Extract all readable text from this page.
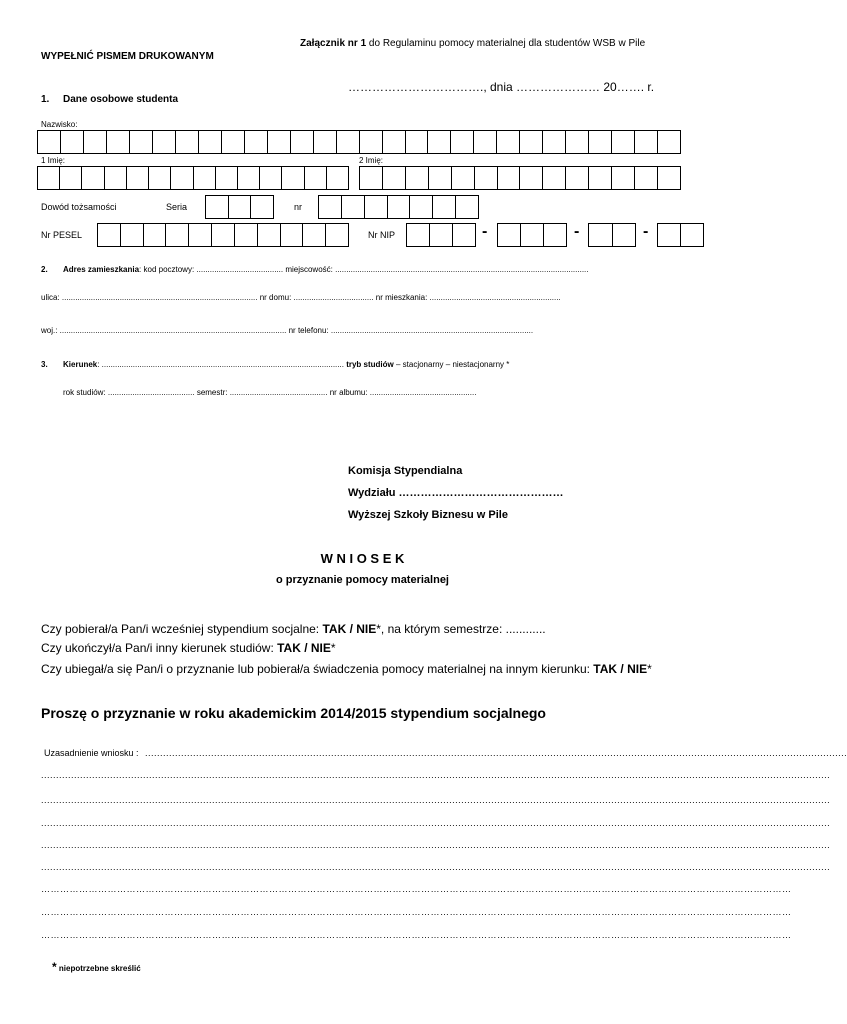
Załącznik nr 1 do Regulaminu pomocy materialnej dla studentów WSB w Pile
WYPEŁNIĆ PISMEM DRUKOWANYM
……………………………., dnia ………………… 20……. r.
1. Dane osobowe studenta
Nazwisko:
1 Imię:	2 Imię:
Dowód tożsamości	Seria	nr
Nr PESEL	Nr NIP	-	-	-
2. Adres zamieszkania: kod pocztowy: ....................................... miejscowość: ..................................................................................................................
ulica: ........................................................................................ nr domu: .................................... nr mieszkania: ...........................................................
woj.: ...................................................................................................... nr telefonu: ...........................................................................................
3. Kierunek: ............................................................................................................. tryb studiów – stacjonarny – niestacjonarny *
rok studiów: ....................................... semestr: ............................................ nr albumu: ................................................
Komisja Stypendialna
Wydziału ………………………………………
Wyższej Szkoły Biznesu w Pile
W N I O S E K
o przyznanie pomocy materialnej
Czy pobierał/a Pan/i wcześniej stypendium socjalne: TAK / NIE*, na którym semestrze: ............
Czy ukończył/a Pan/i inny kierunek studiów: TAK / NIE*
Czy ubiegał/a się Pan/i o przyznanie lub pobierał/a świadczenia pomocy materialnej na innym kierunku: TAK / NIE*
Proszę o przyznanie w roku akademickim 2014/2015 stypendium socjalnego
Uzasadnienie wniosku : ..........................................................................................................................................................................................................................................
.......................................................................................................................................................................................................................................................................
.......................................................................................................................................................................................................................................................................
.......................................................................................................................................................................................................................................................................
.......................................................................................................................................................................................................................................................................
.......................................................................................................................................................................................................................................................................
…………………………………………………………………………………………………………………………………………………………………………………………………………………
…………………………………………………………………………………………………………………………………………………………………………………………………………………
…………………………………………………………………………………………………………………………………………………………………………………………………………………
* niepotrzebne skreślić
